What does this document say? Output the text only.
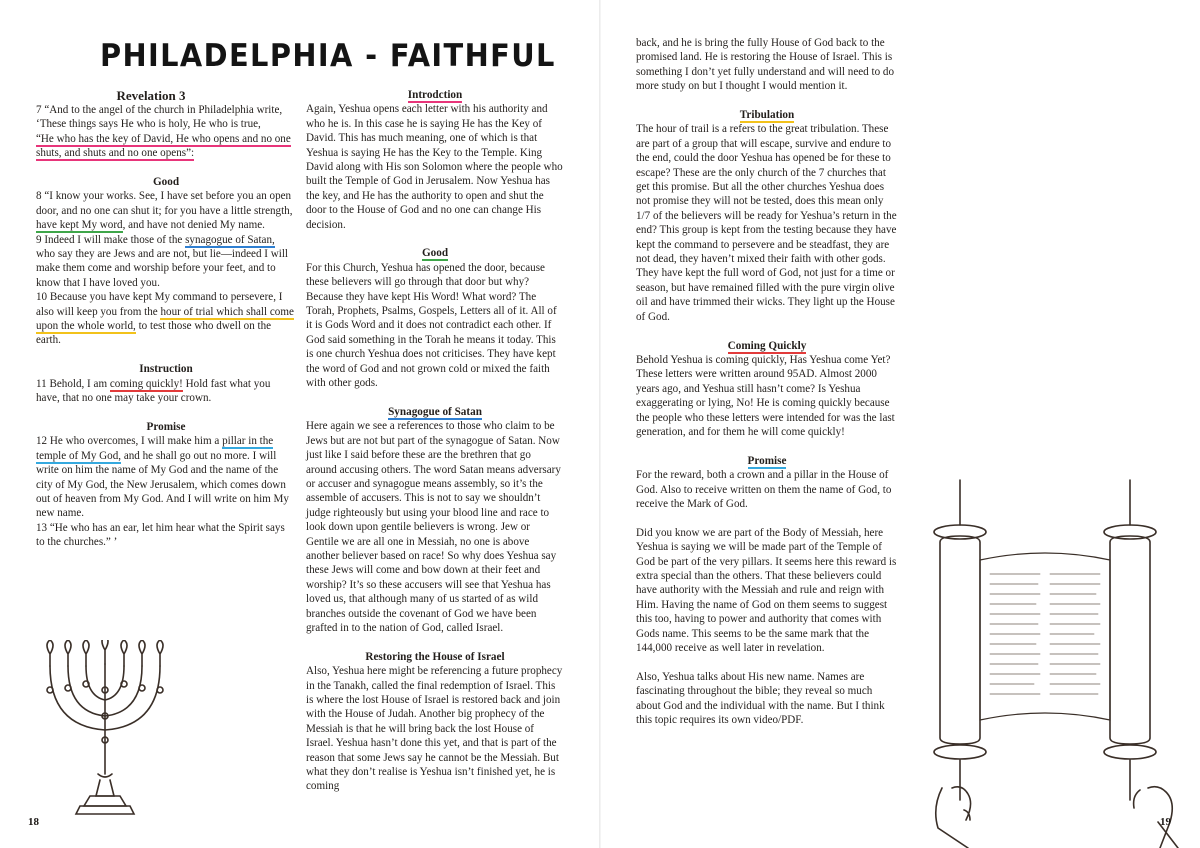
PHILADELPHIA - FAITHFUL
Revelation 3

7 “And to the angel of the church in Philadelphia write,

‘These things says He who is holy, He who is true,

“He who has the key of David, He who opens and no one shuts, and shuts and no one opens”:

Good

8 “I know your works. See, I have set before you an open door, and no one can shut it; for you have a little strength, have kept My word, and have not denied My name.

9 Indeed I will make those of the synagogue of Satan, who say they are Jews and are not, but lie—indeed I will make them come and worship before your feet, and to know that I have loved you.

10 Because you have kept My command to persevere, I also will keep you from the hour of trial which shall come upon the whole world, to test those who dwell on the earth.

Instruction

11 Behold, I am coming quickly! Hold fast what you have, that no one may take your crown.

Promise

12 He who overcomes, I will make him a pillar in the temple of My God, and he shall go out no more. I will write on him the name of My God and the name of the city of My God, the New Jerusalem, which comes down out of heaven from My God. And I will write on him My new name.

13 “He who has an ear, let him hear what the Spirit says to the churches.” ’

Introdction

Again, Yeshua opens each letter with his authority and who he is. In this case he is saying He has the Key of David. This has much meaning, one of which is that Yeshua is saying He has the Key to the Temple. King David along with His son Solomon where the people who built the Temple of God in Jerusalem. Now Yeshua has the key, and He has the authority to open and shut the door to the House of God and no one can change His decision.

Good

For this Church, Yeshua has opened the door, because these believers will go through that door but why? Because they have kept His Word! What word? The Torah, Prophets, Psalms, Gospels, Letters all of it. All of it is Gods Word and it does not contradict each other. If God said something in the Torah he means it today. This is one church Yeshua does not criticises. They have kept the word of God and not grown cold or mixed the faith with other gods.

Synagogue of Satan

Here again we see a references to those who claim to be Jews but are not but part of the synagogue of Satan. Now just like I said before these are the brethren that go around accusing others. The word Satan means adversary or accuser and synagogue means assembly, so it’s the assemble of accusers. This is not to say we shouldn’t judge righteously but using your blood line and race to look down upon gentile believers is wrong. Jew or Gentile we are all one in Messiah, no one is above another believer based on race! So why does Yeshua say these Jews will come and bow down at their feet and worship? It’s so these accusers will see that Yeshua has loved us, that although many of us started of as wild branches outside the covenant of God we have been grafted in to the nation of God, called Israel.

Restoring the House of Israel

Also, Yeshua here might be referencing a future prophecy in the Tanakh, called the final redemption of Israel. This is where the lost House of Israel is restored back and join with the House of Judah. Another big prophecy of the Messiah is that he will bring back the lost House of Israel. Yeshua hasn’t done this yet, and that is part of the reason that some Jews say he cannot be the Messiah. But what they don’t realise is Yeshua isn’t finished yet, he is coming

18

back, and he is bring the fully House of God back to the promised land. He is restoring the House of Israel. This is something I don’t yet fully understand and will need to do more study on but I thought I would mention it.

Tribulation

The hour of trail is a refers to the great tribulation. These are part of a group that will escape, survive and endure to the end, could the door Yeshua has opened be for these to escape? These are the only church of the 7 churches that get this promise. But all the other churches Yeshua does not promise they will not be tested, does this mean only 1/7 of the believers will be ready for Yeshua’s return in the end? This group is kept from the testing because they have kept the command to persevere and be steadfast, they are not dead, they haven’t mixed their faith with other gods. They have kept the full word of God, not just for a time or season, but have remained filled with the pure virgin olive oil and have trimmed their wicks. They light up the House of God.

Coming Quickly

Behold Yeshua is coming quickly, Has Yeshua come Yet? These letters were written around 95AD. Almost 2000 years ago, and Yeshua still hasn’t come? Is Yeshua exaggerating or lying, No! He is coming quickly because the people who these letters were intended for was the last generation, and for them he will come quickly!

Promise

For the reward, both a crown and a pillar in the House of God. Also to receive written on them the name of God, to receive the Mark of God.

Did you know we are part of the Body of Messiah, here Yeshua is saying we will be made part of the Temple of God be part of the very pillars. It seems here this reward is extra special than the others. That these believers could have authority with the Messiah and rule and reign with Him. Having the name of God on them seems to suggest this too, having to power and authority that comes with Gods name. This seems to be the same mark that the 144,000 receive as well later in revelation.

Also, Yeshua talks about His new name. Names are fascinating throughout the bible; they reveal so much about God and the individual with the name. But I think this topic requires its own video/PDF.

19
